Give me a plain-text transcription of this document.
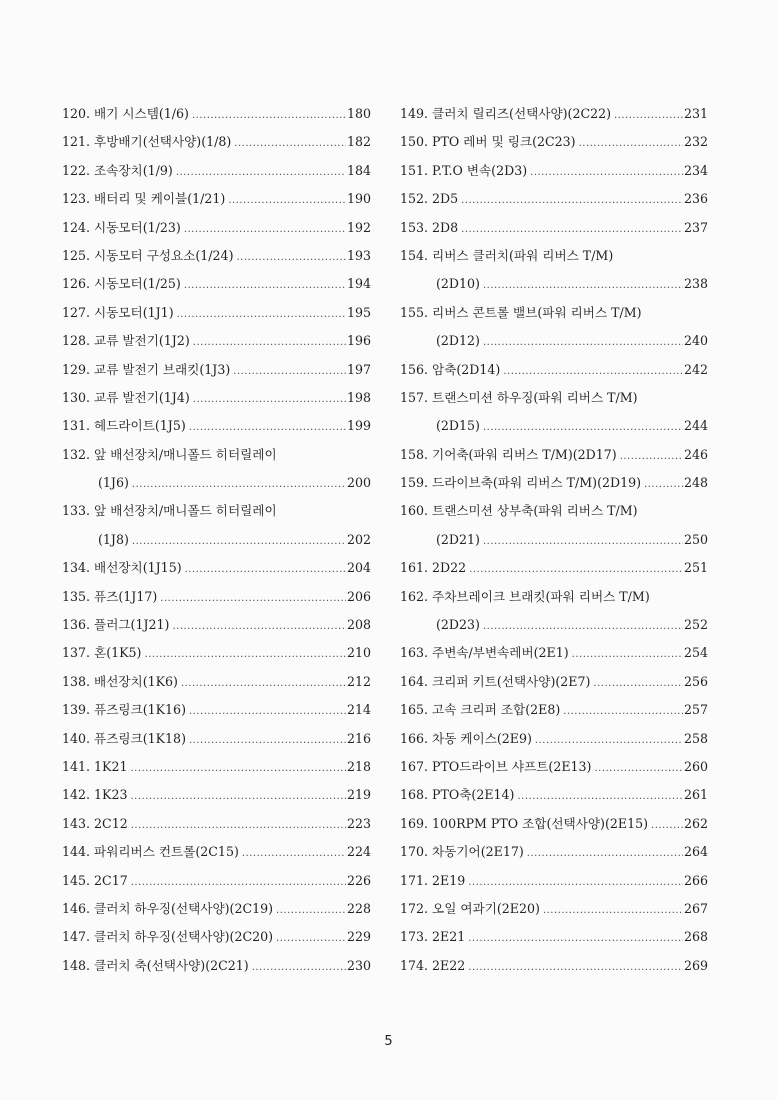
120. 배기 시스템(1/6) .....	180
121. 후방배기(선택사양)(1/8) .....	182
122. 조속장치(1/9) .....	184
123. 배터리 및 케이블(1/21) .....	190
124. 시동모터(1/23) .....	192
125. 시동모터 구성요소(1/24) .....	193
126. 시동모터(1/25) .....	194
127. 시동모터(1J1) .....	195
128. 교류 발전기(1J2) .....	196
129. 교류 발전기 브래킷(1J3) .....	197
130. 교류 발전기(1J4) .....	198
131. 헤드라이트(1J5) .....	199
132. 앞 배선장치/매니폴드 히터릴레이
(1J6) .....	200
133. 앞 배선장치/매니폴드 히터릴레이
(1J8) .....	202
134. 배선장치(1J15) .....	204
135. 퓨즈(1J17) .....	206
136. 플러그(1J21) .....	208
137. 혼(1K5) .....	210
138. 배선장치(1K6) .....	212
139. 퓨즈링크(1K16) .....	214
140. 퓨즈링크(1K18) .....	216
141. 1K21 .....	218
142. 1K23 .....	219
143. 2C12 .....	223
144. 파워리버스 컨트롤(2C15) .....	224
145. 2C17 .....	226
146. 클러치 하우징(선택사양)(2C19) .....	228
147. 클러치 하우징(선택사양)(2C20) .....	229
148. 클러치 축(선택사양)(2C21) .....	230
149. 클러치 릴리즈(선택사양)(2C22) .....	231
150. PTO 레버 및 링크(2C23) .....	232
151. P.T.O 변속(2D3) .....	234
152. 2D5 .....	236
153. 2D8 .....	237
154. 리버스 클러치(파워 리버스 T/M)
(2D10) .....	238
155. 리버스 콘트롤 밸브(파워 리버스 T/M)
(2D12) .....	240
156. 암축(2D14) .....	242
157. 트랜스미션 하우징(파워 리버스 T/M)
(2D15) .....	244
158. 기어축(파워 리버스 T/M)(2D17) .....	246
159. 드라이브축(파워 리버스 T/M)(2D19) .....	248
160. 트랜스미션 상부축(파워 리버스 T/M)
(2D21) .....	250
161. 2D22 .....	251
162. 주차브레이크 브래킷(파워 리버스 T/M)
(2D23) .....	252
163. 주변속/부변속레버(2E1) .....	254
164. 크리퍼 키트(선택사양)(2E7) .....	256
165. 고속 크리퍼 조합(2E8) .....	257
166. 차동 케이스(2E9) .....	258
167. PTO드라이브 샤프트(2E13) .....	260
168. PTO축(2E14) .....	261
169. 100RPM PTO 조합(선택사양)(2E15) .....	262
170. 차동기어(2E17) .....	264
171. 2E19 .....	266
172. 오일 여과기(2E20) .....	267
173. 2E21 .....	268
174. 2E22 .....	269
5
